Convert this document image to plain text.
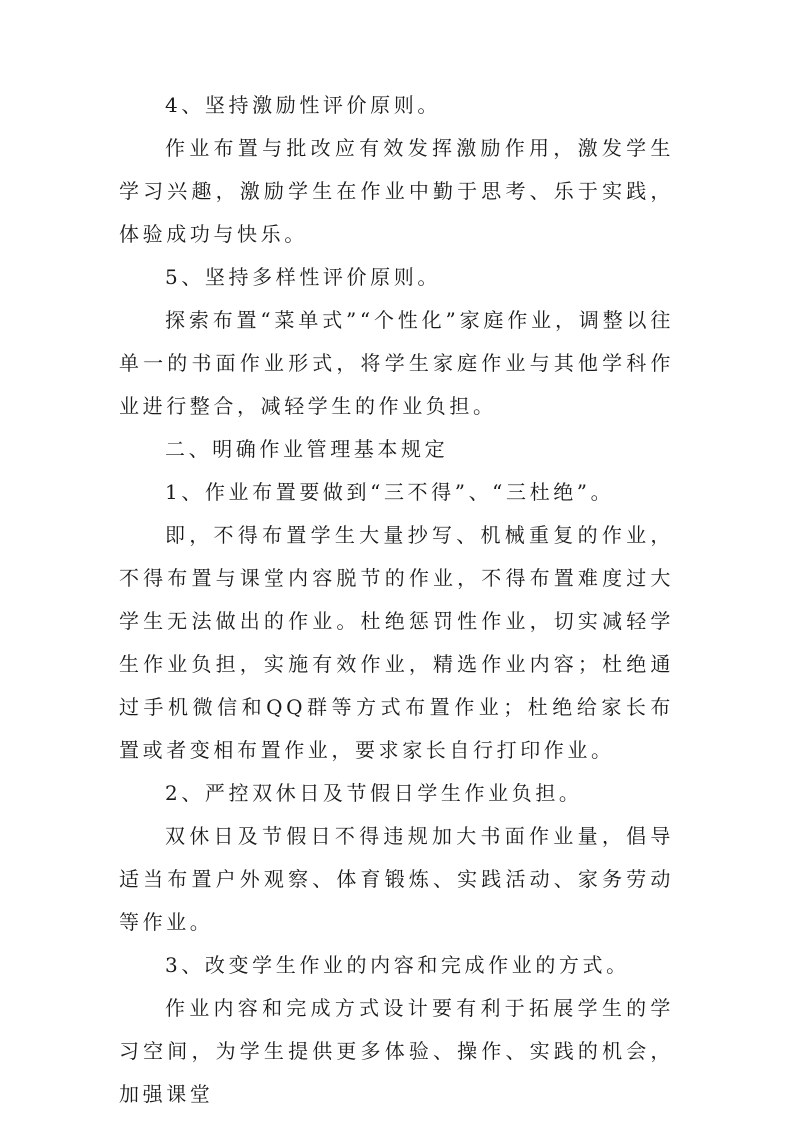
4、坚持激励性评价原则。

作业布置与批改应有效发挥激励作用，激发学生学习兴趣，激励学生在作业中勤于思考、乐于实践，体验成功与快乐。

5、坚持多样性评价原则。

探索布置“菜单式”“个性化”家庭作业，调整以往单一的书面作业形式，将学生家庭作业与其他学科作业进行整合，减轻学生的作业负担。

二、明确作业管理基本规定

1、作业布置要做到“三不得”、“三杜绝”。

即，不得布置学生大量抄写、机械重复的作业，不得布置与课堂内容脱节的作业，不得布置难度过大学生无法做出的作业。杜绝惩罚性作业，切实减轻学生作业负担，实施有效作业，精选作业内容；杜绝通过手机微信和QQ群等方式布置作业；杜绝给家长布置或者变相布置作业，要求家长自行打印作业。

2、严控双休日及节假日学生作业负担。

双休日及节假日不得违规加大书面作业量，倡导适当布置户外观察、体育锻炼、实践活动、家务劳动等作业。

3、改变学生作业的内容和完成作业的方式。

作业内容和完成方式设计要有利于拓展学生的学习空间，为学生提供更多体验、操作、实践的机会，加强课堂
